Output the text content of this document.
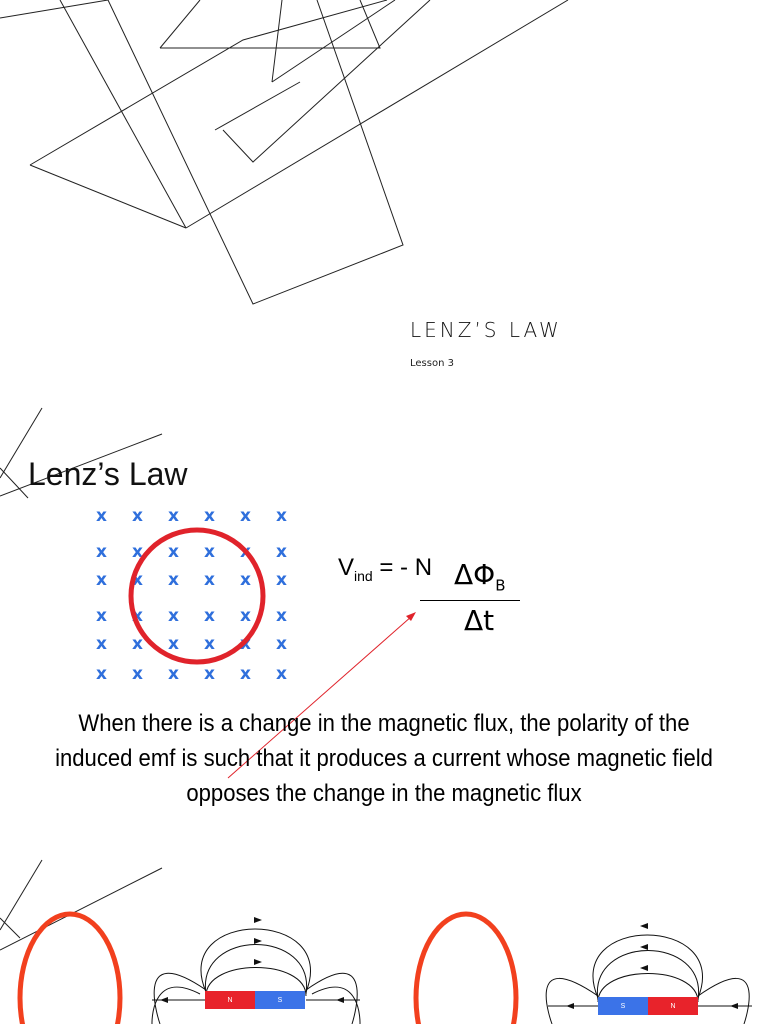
LENZ’S LAW
Lesson 3
Lenz’s Law
x x x x x x
x x x x x x
x x x x x x
x x x x x x
x x x x x x
x x x x x x
$V_{ind}$ = - N $\Delta\Phi_B$
Δt
When there is a change in the magnetic flux, the polarity of the induced emf is such that it produces a current whose magnetic field opposes the change in the magnetic flux
N	S
S	N
